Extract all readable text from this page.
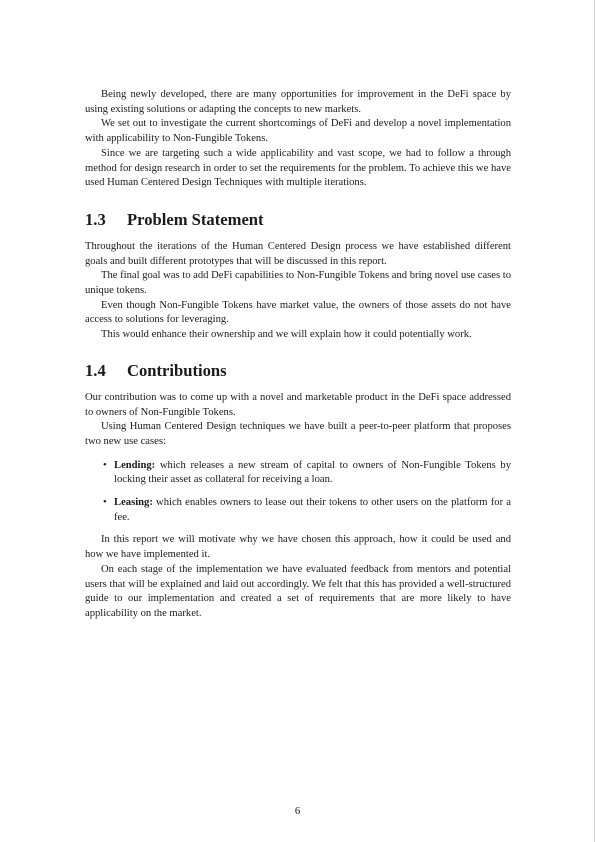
Being newly developed, there are many opportunities for improvement in the DeFi space by using existing solutions or adapting the concepts to new markets.

We set out to investigate the current shortcomings of DeFi and develop a novel implementation with applicability to Non-Fungible Tokens.

Since we are targeting such a wide applicability and vast scope, we had to follow a through method for design research in order to set the requirements for the problem. To achieve this we have used Human Centered Design Techniques with multiple iterations.

1.3 Problem Statement

Throughout the iterations of the Human Centered Design process we have established different goals and built different prototypes that will be discussed in this report.

The final goal was to add DeFi capabilities to Non-Fungible Tokens and bring novel use cases to unique tokens.

Even though Non-Fungible Tokens have market value, the owners of those assets do not have access to solutions for leveraging.

This would enhance their ownership and we will explain how it could potentially work.

1.4 Contributions

Our contribution was to come up with a novel and marketable product in the DeFi space addressed to owners of Non-Fungible Tokens.

Using Human Centered Design techniques we have built a peer-to-peer platform that proposes two new use cases:

• Lending: which releases a new stream of capital to owners of Non-Fungible Tokens by locking their asset as collateral for receiving a loan.

• Leasing: which enables owners to lease out their tokens to other users on the platform for a fee.

In this report we will motivate why we have chosen this approach, how it could be used and how we have implemented it.

On each stage of the implementation we have evaluated feedback from mentors and potential users that will be explained and laid out accordingly. We felt that this has provided a well-structured guide to our implementation and created a set of requirements that are more likely to have applicability on the market.

6
